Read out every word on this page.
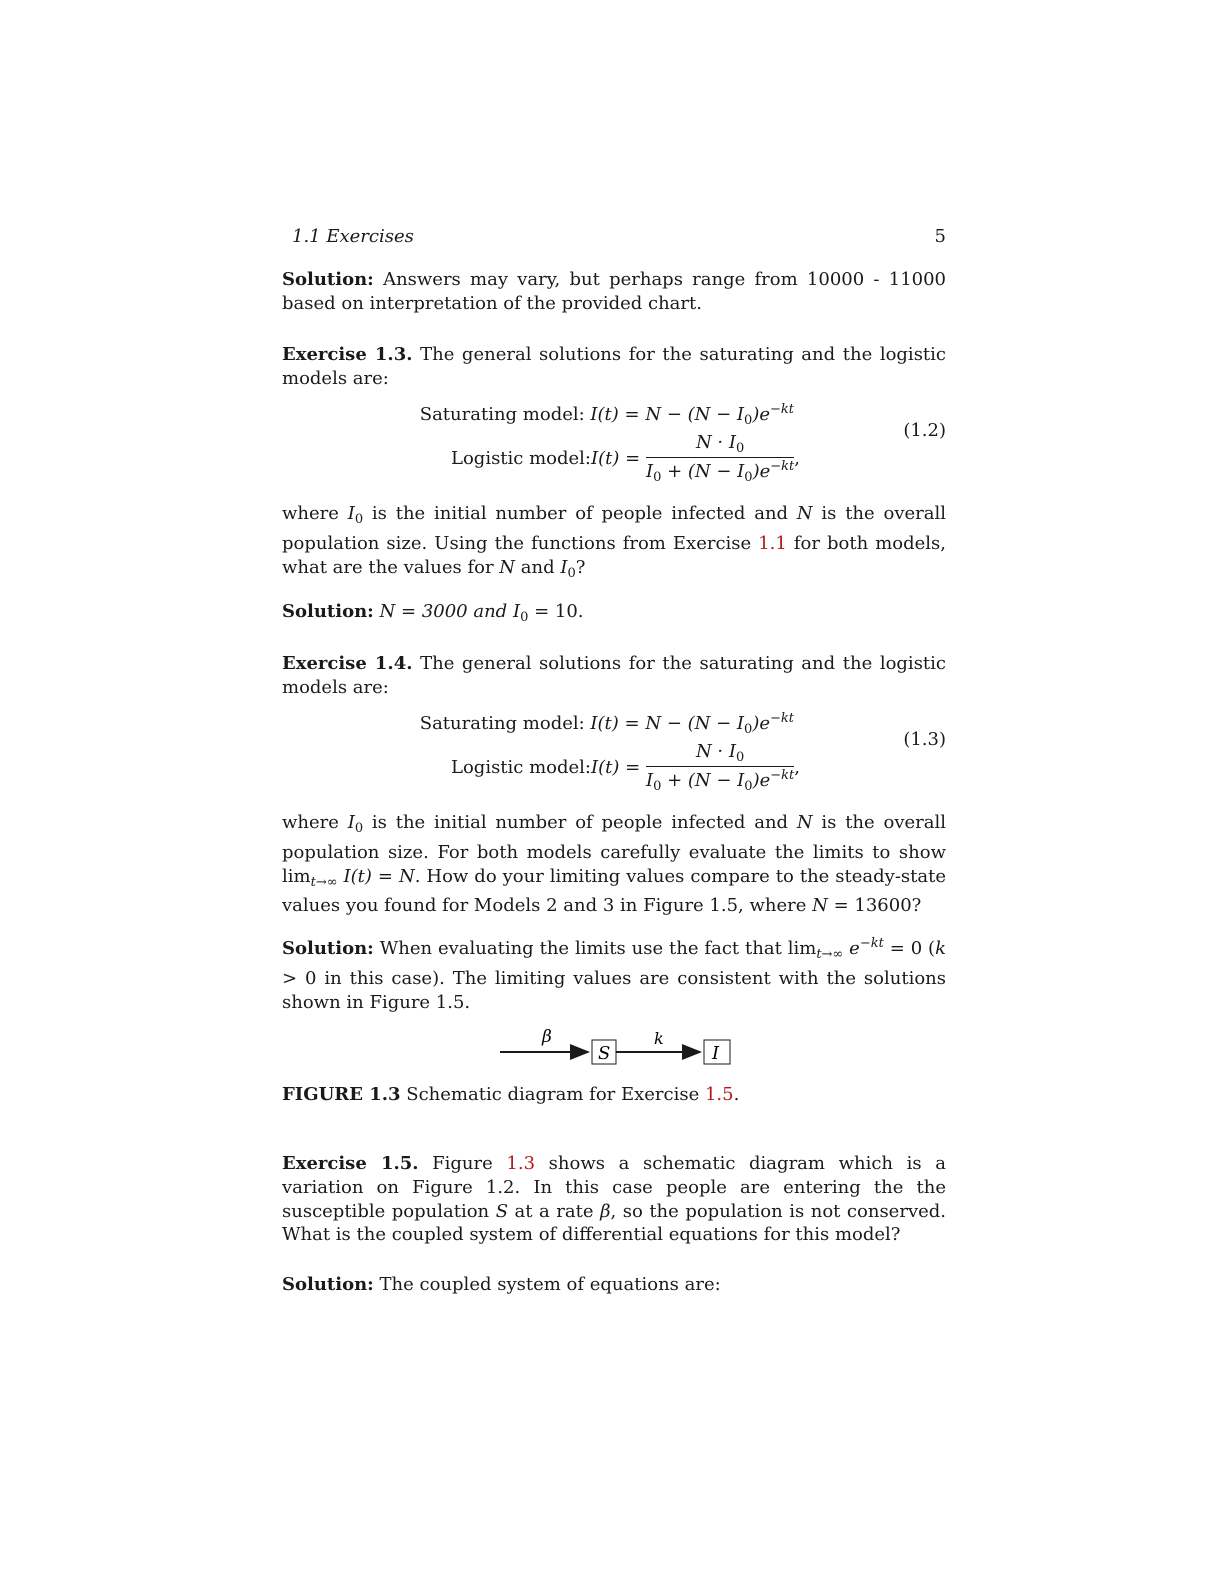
1.1 Exercises	5

Solution: Answers may vary, but perhaps range from 10000 - 11000 based on interpretation of the provided chart.

Exercise 1.3. The general solutions for the saturating and the logistic models are:

Saturating model: $I(t) = N - (N - I_0)e^{-kt}$
Logistic model:I(t) = $\frac{N \cdot I_0}{I_0 + (N - I_0)e^{-kt}}$ ,
(1.2)

where $I_0$ is the initial number of people infected and N is the overall population size. Using the functions from Exercise 1.1 for both models, what are the values for N and $I_0$?

Solution: N = 3000 and $I_0 = 10$.

Exercise 1.4. The general solutions for the saturating and the logistic models are:

Saturating model: $I(t) = N - (N - I_0)e^{-kt}$
Logistic model:I(t) = $\frac{N \cdot I_0}{I_0 + (N - I_0)e^{-kt}}$ ,
(1.3)

where $I_0$ is the initial number of people infected and N is the overall population size. For both models carefully evaluate the limits to show $\lim_{t\to\infty} I(t) = N$. How do your limiting values compare to the steady-state values you found for Models 2 and 3 in Figure 1.5, where N = 13600?

Solution: When evaluating the limits use the fact that $\lim_{t\to\infty} e^{-kt} = 0$ (k > 0 in this case). The limiting values are consistent with the solutions shown in Figure 1.5.

β	k
S	I
FIGURE 1.3 Schematic diagram for Exercise 1.5.

Exercise 1.5. Figure 1.3 shows a schematic diagram which is a variation on Figure 1.2. In this case people are entering the the susceptible population S at a rate β, so the population is not conserved. What is the coupled system of differential equations for this model?

Solution: The coupled system of equations are:
